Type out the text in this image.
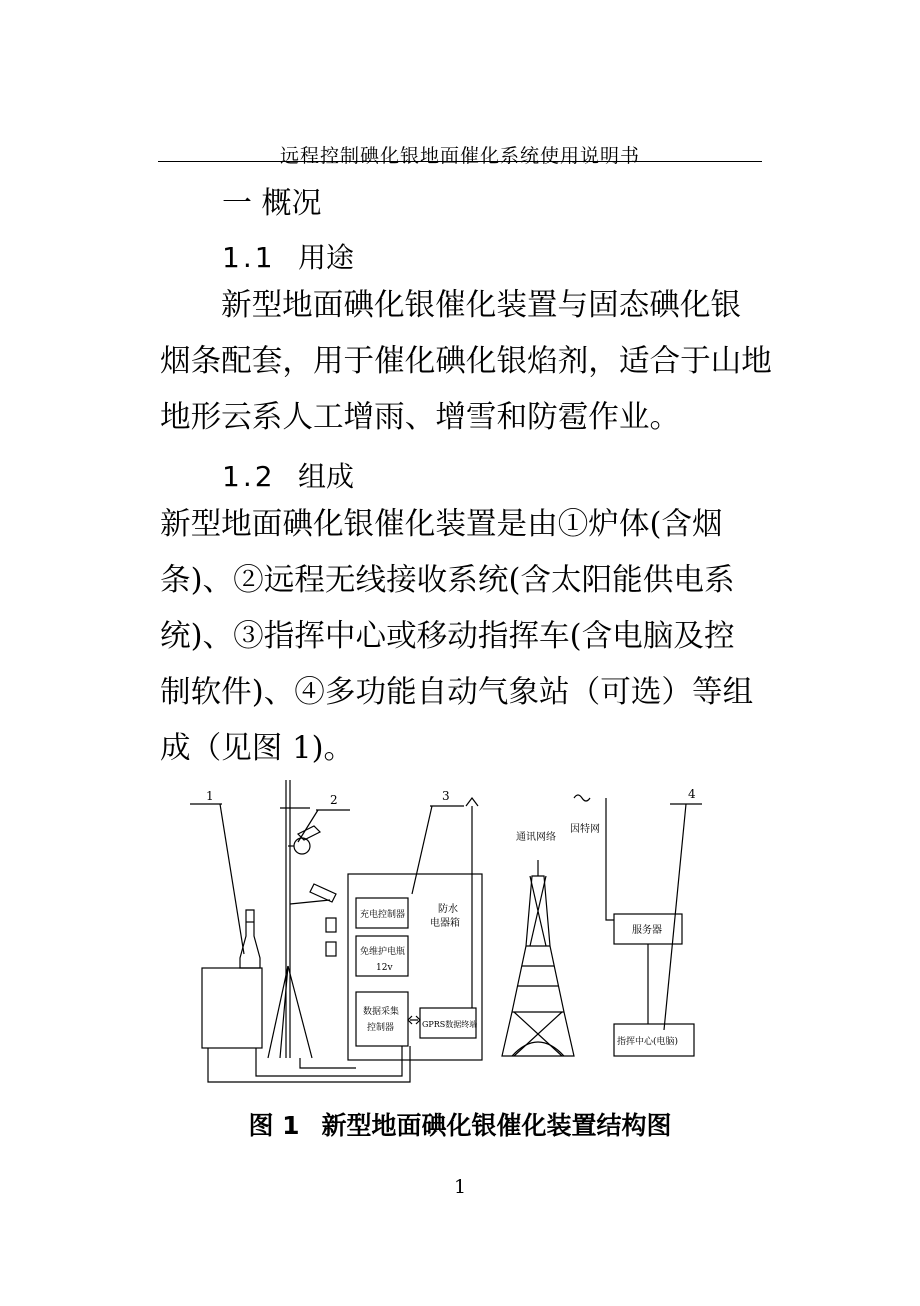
远程控制碘化银地面催化系统使用说明书
一 概况
1.1 用途
新型地面碘化银催化装置与固态碘化银
烟条配套，用于催化碘化银焰剂，适合于山地
地形云系人工增雨、增雪和防雹作业。
1.2 组成
新型地面碘化银催化装置是由①炉体(含烟
条)、②远程无线接收系统(含太阳能供电系
统)、③指挥中心或移动指挥车(含电脑及控
制软件)、④多功能自动气象站（可选）等组
成（见图 1)。
1	2
防水
电器箱
充电控制器
免维护电瓶
12v
数据采集
控制器	GPRS数据终端
3
通讯网络
因特网
服务器
指挥中心(电脑)
4
图 1 新型地面碘化银催化装置结构图
1
